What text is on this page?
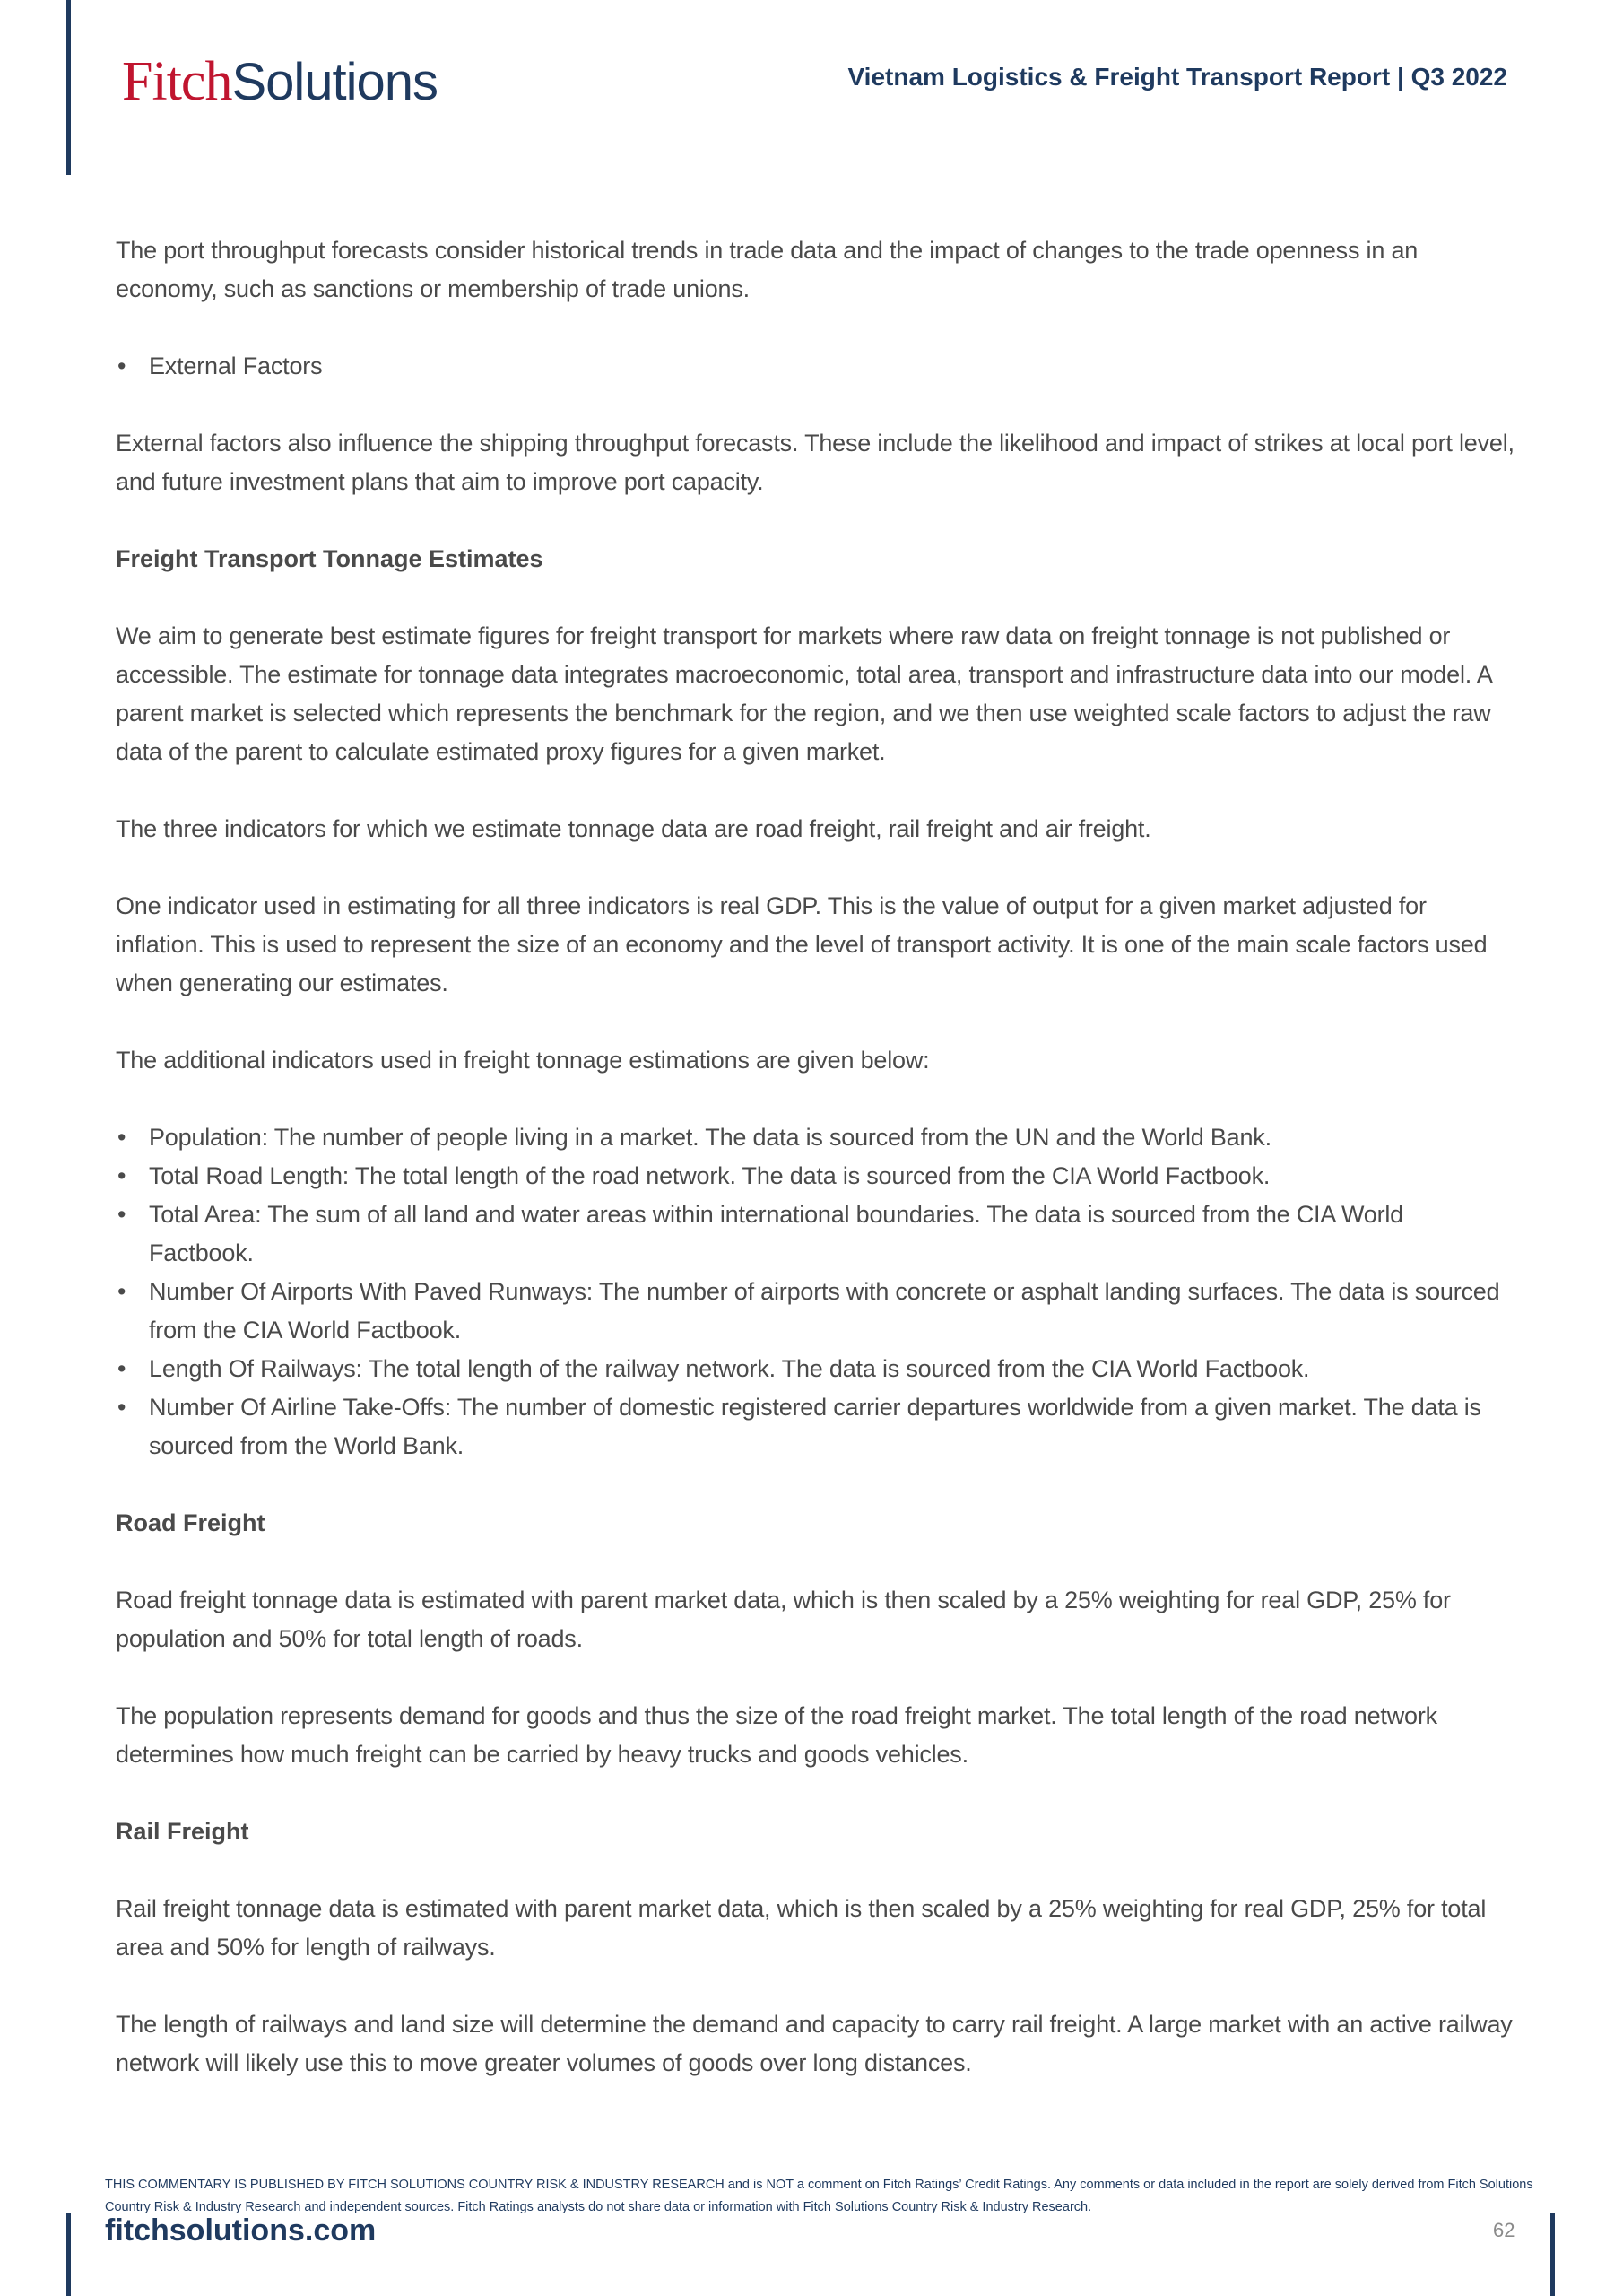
FitchSolutions	Vietnam Logistics & Freight Transport Report | Q3 2022

The port throughput forecasts consider historical trends in trade data and the impact of changes to the trade openness in an economy, such as sanctions or membership of trade unions.

• External Factors

External factors also influence the shipping throughput forecasts. These include the likelihood and impact of strikes at local port level, and future investment plans that aim to improve port capacity.

Freight Transport Tonnage Estimates

We aim to generate best estimate figures for freight transport for markets where raw data on freight tonnage is not published or accessible. The estimate for tonnage data integrates macroeconomic, total area, transport and infrastructure data into our model. A parent market is selected which represents the benchmark for the region, and we then use weighted scale factors to adjust the raw data of the parent to calculate estimated proxy figures for a given market.

The three indicators for which we estimate tonnage data are road freight, rail freight and air freight.

One indicator used in estimating for all three indicators is real GDP. This is the value of output for a given market adjusted for inflation. This is used to represent the size of an economy and the level of transport activity. It is one of the main scale factors used when generating our estimates.

The additional indicators used in freight tonnage estimations are given below:

• Population: The number of people living in a market. The data is sourced from the UN and the World Bank.
• Total Road Length: The total length of the road network. The data is sourced from the CIA World Factbook.
• Total Area: The sum of all land and water areas within international boundaries. The data is sourced from the CIA World Factbook.
• Number Of Airports With Paved Runways: The number of airports with concrete or asphalt landing surfaces. The data is sourced from the CIA World Factbook.
• Length Of Railways: The total length of the railway network. The data is sourced from the CIA World Factbook.
• Number Of Airline Take-Offs: The number of domestic registered carrier departures worldwide from a given market. The data is sourced from the World Bank.
Road Freight

Road freight tonnage data is estimated with parent market data, which is then scaled by a 25% weighting for real GDP, 25% for population and 50% for total length of roads.

The population represents demand for goods and thus the size of the road freight market. The total length of the road network determines how much freight can be carried by heavy trucks and goods vehicles.

Rail Freight

Rail freight tonnage data is estimated with parent market data, which is then scaled by a 25% weighting for real GDP, 25% for total area and 50% for length of railways.

The length of railways and land size will determine the demand and capacity to carry rail freight. A large market with an active railway network will likely use this to move greater volumes of goods over long distances.

THIS COMMENTARY IS PUBLISHED BY FITCH SOLUTIONS COUNTRY RISK & INDUSTRY RESEARCH and is NOT a comment on Fitch Ratings’ Credit Ratings. Any comments or data included in the report are solely derived from Fitch Solutions Country Risk & Industry Research and independent sources. Fitch Ratings analysts do not share data or information with Fitch Solutions Country Risk & Industry Research.
fitchsolutions.com	62
